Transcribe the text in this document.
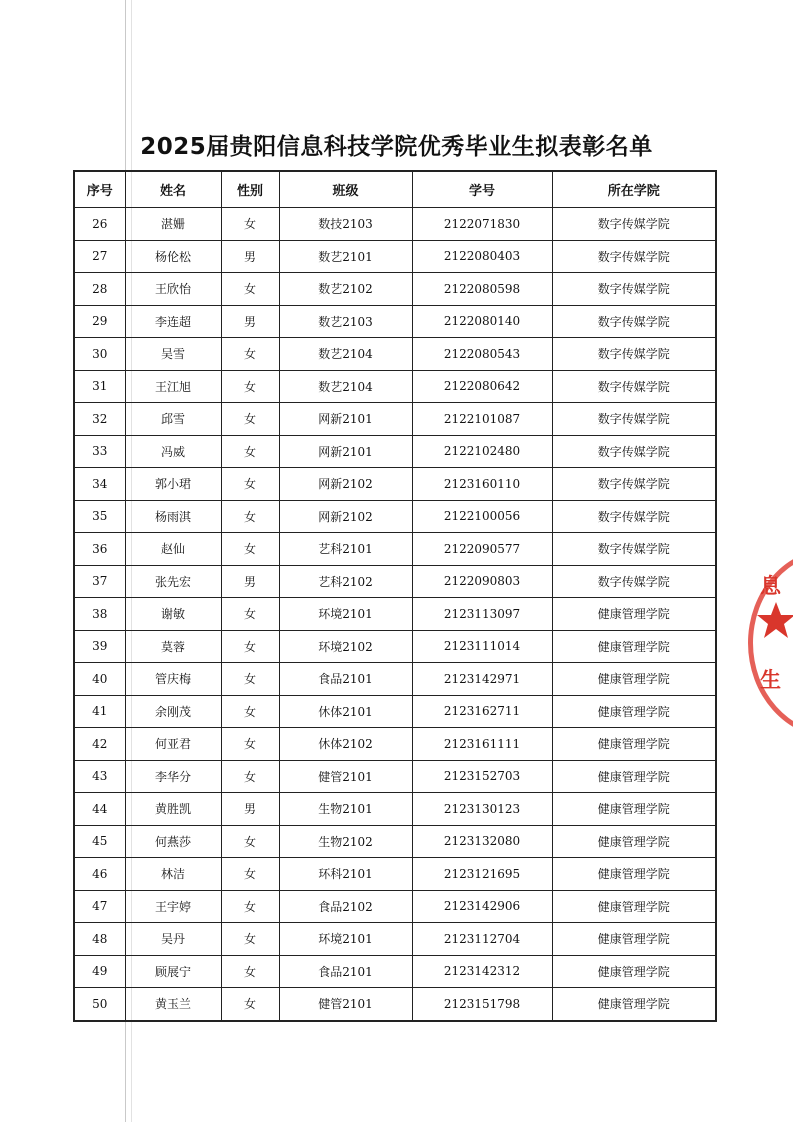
2025届贵阳信息科技学院优秀毕业生拟表彰名单
序号	姓名	性别	班级	学号	所在学院
26	湛姗	女	数技2103	2122071830	数字传媒学院
27	杨伦松	男	数艺2101	2122080403	数字传媒学院
28	王欣怡	女	数艺2102	2122080598	数字传媒学院
29	李连超	男	数艺2103	2122080140	数字传媒学院
30	吴雪	女	数艺2104	2122080543	数字传媒学院
31	王江旭	女	数艺2104	2122080642	数字传媒学院
32	邱雪	女	网新2101	2122101087	数字传媒学院
33	冯威	女	网新2101	2122102480	数字传媒学院
34	郭小珺	女	网新2102	2123160110	数字传媒学院
35	杨雨淇	女	网新2102	2122100056	数字传媒学院
36	赵仙	女	艺科2101	2122090577	数字传媒学院
37	张先宏	男	艺科2102	2122090803	数字传媒学院
38	谢敏	女	环境2101	2123113097	健康管理学院
39	莫蓉	女	环境2102	2123111014	健康管理学院
40	管庆梅	女	食品2101	2123142971	健康管理学院
41	余刚茂	女	休体2101	2123162711	健康管理学院
42	何亚君	女	休体2102	2123161111	健康管理学院
43	李华分	女	健管2101	2123152703	健康管理学院
44	黄胜凯	男	生物2101	2123130123	健康管理学院
45	何燕莎	女	生物2102	2123132080	健康管理学院
46	林洁	女	环科2101	2123121695	健康管理学院
47	王宇婷	女	食品2102	2123142906	健康管理学院
48	吴丹	女	环境2101	2123112704	健康管理学院
49	顾展宁	女	食品2101	2123142312	健康管理学院
50	黄玉兰	女	健管2101	2123151798	健康管理学院
息
生
